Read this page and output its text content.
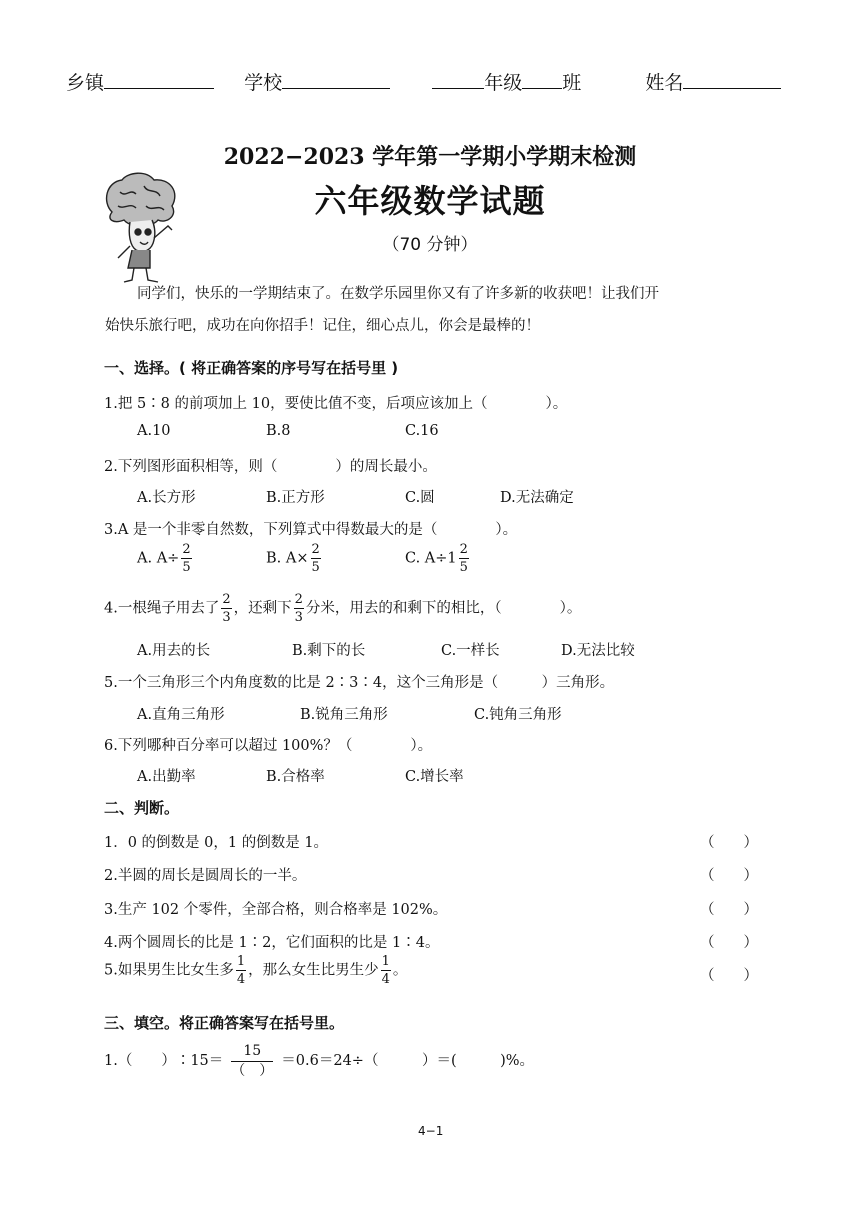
乡镇	学校	年级 班	姓名
2022−2023 学年第一学期小学期末检测
六年级数学试题
（70 分钟）
同学们，快乐的一学期结束了。在数学乐园里你又有了许多新的收获吧！让我们开
始快乐旅行吧，成功在向你招手！记住，细心点儿，你会是最棒的！
一、选择。( 将正确答案的序号写在括号里 )
1.把 5∶8 的前项加上 10，要使比值不变，后项应该加上（　　　　）。
A.10	B.8	C.16
2.下列图形面积相等，则（　　　　）的周长最小。
A.长方形	B.正方形	C.圆	D.无法确定
3.A 是一个非零自然数，下列算式中得数最大的是（　　　　）。
A. $A\div \frac{2}{5}$	B. $A\times \frac{2}{5}$	C. $A\div 1 \frac{2}{5}$
4.一根绳子用去了 $\frac{2}{3}$ ，还剩下 $\frac{2}{3}$ 分米，用去的和剩下的相比，（　　　　）。
A.用去的长	B.剩下的长	C.一样长	D.无法比较
5.一个三角形三个内角度数的比是 2∶3∶4，这个三角形是（　　　）三角形。
A.直角三角形	B.锐角三角形	C.钝角三角形
6.下列哪种百分率可以超过 100%？（　　　　）。
A.出勤率	B.合格率	C.增长率
二、判断。
1．0 的倒数是 0，1 的倒数是 1。	（　　）
2.半圆的周长是圆周长的一半。	（　　）
3.生产 102 个零件，全部合格，则合格率是 102%。	（　　）
4.两个圆周长的比是 1∶2，它们面积的比是 1∶4。	（　　）
5.如果男生比女生多 $\frac{1}{4}$ ，那么女生比男生少 $\frac{1}{4}$ 。	（　　）
三、填空。将正确答案写在括号里。
1.（　　）∶15＝ $\frac{15}{( )} =0.6=24\div$（　　　）＝(　　　)%。
4−1
